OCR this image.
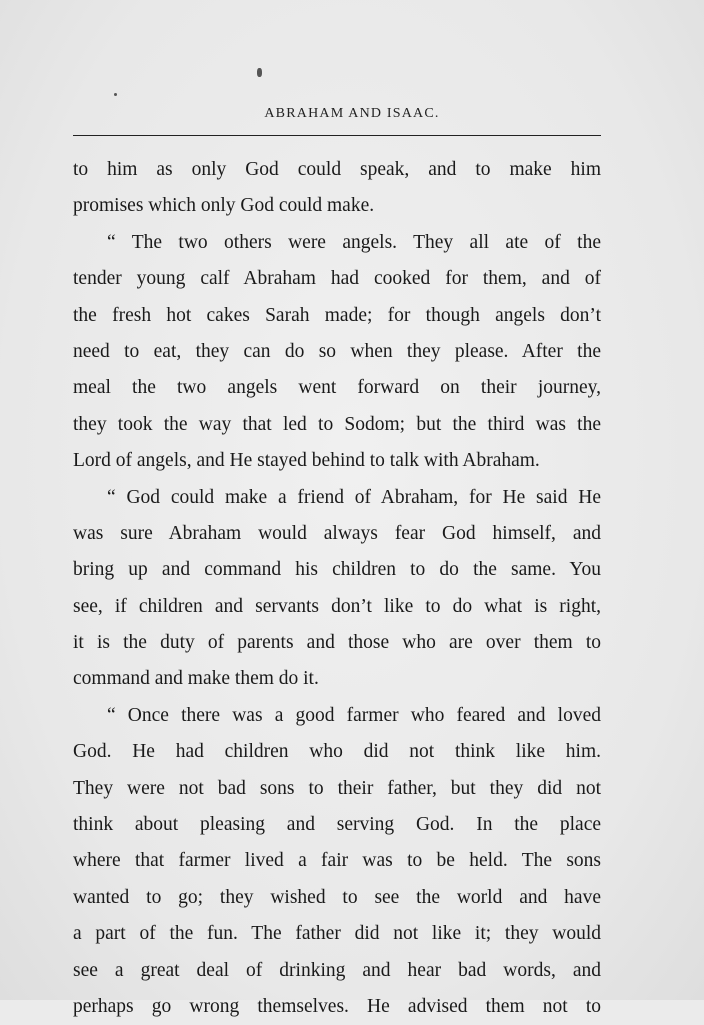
ABRAHAM AND ISAAC.
to him as only God could speak, and to make him
promises which only God could make.
“ The two others were angels. They all ate of the
tender young calf Abraham had cooked for them, and of
the fresh hot cakes Sarah made; for though angels don’t
need to eat, they can do so when they please. After the
meal the two angels went forward on their journey,
they took the way that led to Sodom; but the third was the
Lord of angels, and He stayed behind to talk with Abraham.
“ God could make a friend of Abraham, for He said He
was sure Abraham would always fear God himself, and
bring up and command his children to do the same. You
see, if children and servants don’t like to do what is right,
it is the duty of parents and those who are over them to
command and make them do it.
“ Once there was a good farmer who feared and loved
God. He had children who did not think like him.
They were not bad sons to their father, but they did not
think about pleasing and serving God. In the place
where that farmer lived a fair was to be held. The sons
wanted to go; they wished to see the world and have
a part of the fun. The father did not like it; they would
see a great deal of drinking and hear bad words, and
perhaps go wrong themselves. He advised them not to
